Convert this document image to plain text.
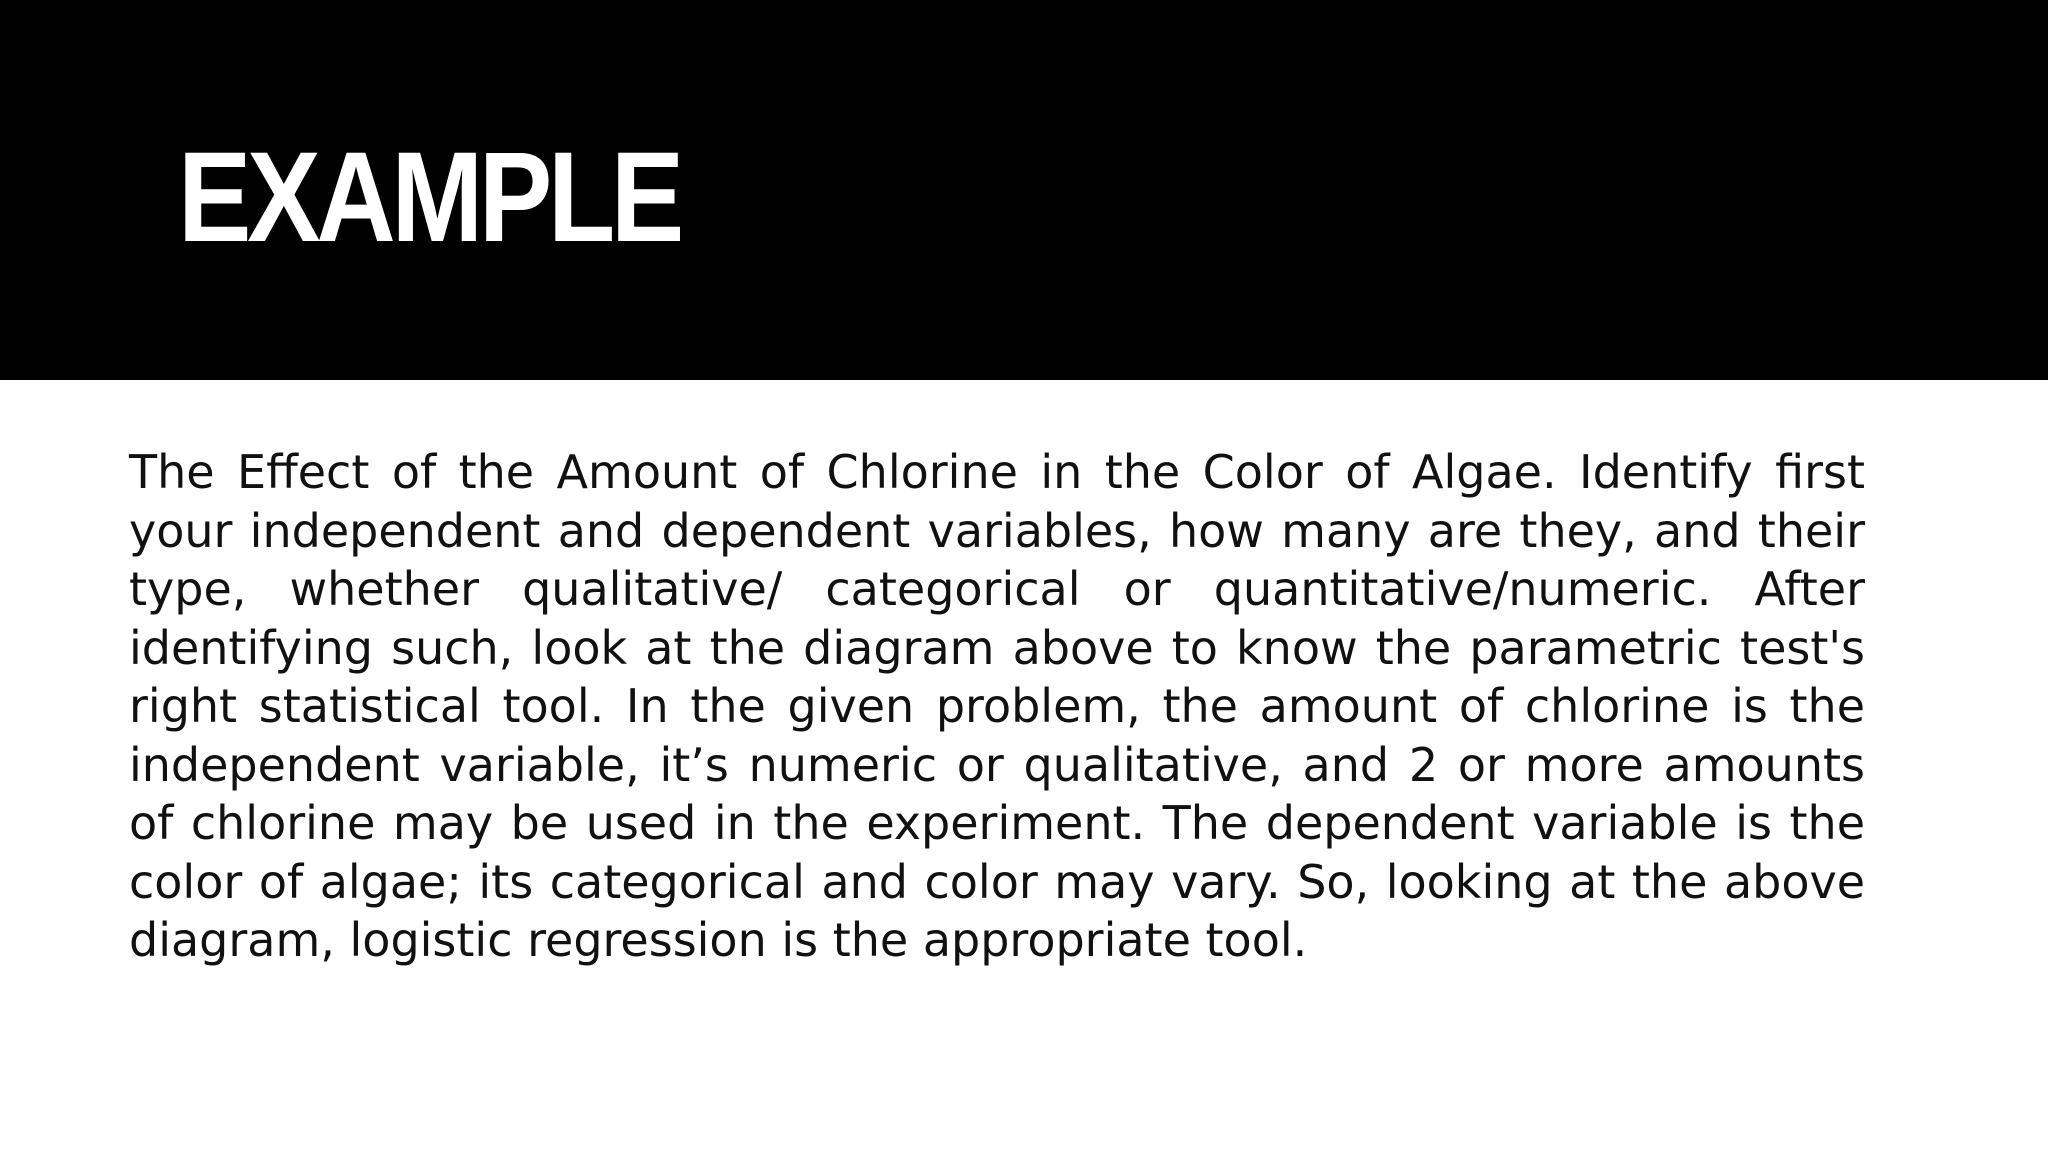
EXAMPLE

The Effect of the Amount of Chlorine in the Color of Algae. Identify first your independent and dependent variables, how many are they, and their type, whether qualitative/ categorical or quantitative/numeric. After identifying such, look at the diagram above to know the parametric test's right statistical tool. In the given problem, the amount of chlorine is the independent variable, it’s numeric or qualitative, and 2 or more amounts of chlorine may be used in the experiment. The dependent variable is the color of algae; its categorical and color may vary. So, looking at the above diagram, logistic regression is the appropriate tool.
